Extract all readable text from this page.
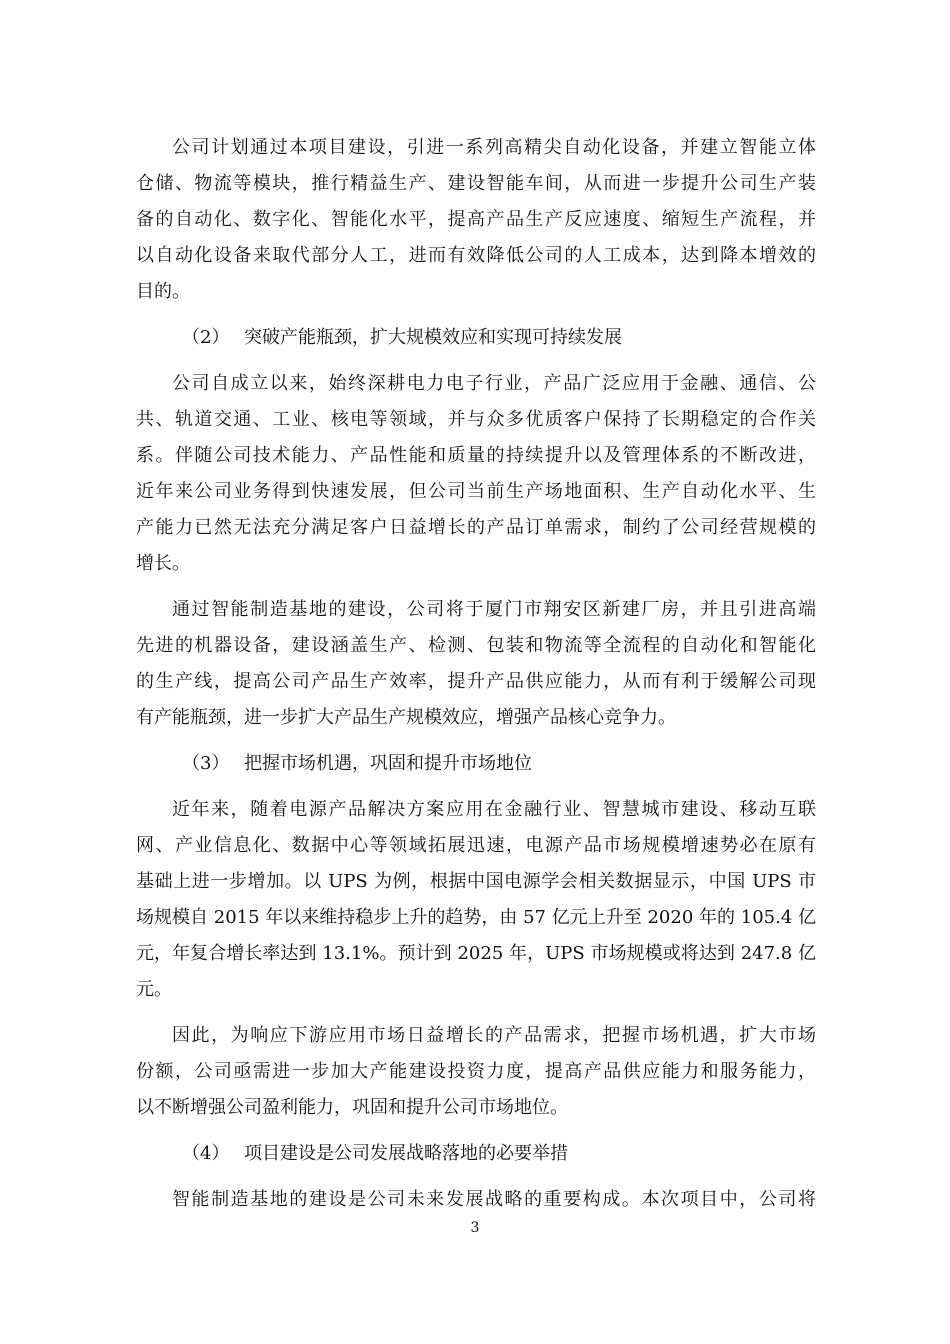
公司计划通过本项目建设，引进一系列高精尖自动化设备，并建立智能立体
仓储、物流等模块，推行精益生产、建设智能车间，从而进一步提升公司生产装
备的自动化、数字化、智能化水平，提高产品生产反应速度、缩短生产流程，并
以自动化设备来取代部分人工，进而有效降低公司的人工成本，达到降本增效的
目的。
（2） 突破产能瓶颈，扩大规模效应和实现可持续发展
公司自成立以来，始终深耕电力电子行业，产品广泛应用于金融、通信、公
共、轨道交通、工业、核电等领域，并与众多优质客户保持了长期稳定的合作关
系。伴随公司技术能力、产品性能和质量的持续提升以及管理体系的不断改进，
近年来公司业务得到快速发展，但公司当前生产场地面积、生产自动化水平、生
产能力已然无法充分满足客户日益增长的产品订单需求，制约了公司经营规模的
增长。
通过智能制造基地的建设，公司将于厦门市翔安区新建厂房，并且引进高端
先进的机器设备，建设涵盖生产、检测、包装和物流等全流程的自动化和智能化
的生产线，提高公司产品生产效率，提升产品供应能力，从而有利于缓解公司现
有产能瓶颈，进一步扩大产品生产规模效应，增强产品核心竞争力。
（3） 把握市场机遇，巩固和提升市场地位
近年来，随着电源产品解决方案应用在金融行业、智慧城市建设、移动互联
网、产业信息化、数据中心等领域拓展迅速，电源产品市场规模增速势必在原有
基础上进一步增加。以 UPS 为例，根据中国电源学会相关数据显示，中国 UPS 市
场规模自 2015 年以来维持稳步上升的趋势，由 57 亿元上升至 2020 年的 105.4 亿
元，年复合增长率达到 13.1%。预计到 2025 年，UPS 市场规模或将达到 247.8 亿
元。
因此，为响应下游应用市场日益增长的产品需求，把握市场机遇，扩大市场
份额，公司亟需进一步加大产能建设投资力度，提高产品供应能力和服务能力，
以不断增强公司盈利能力，巩固和提升公司市场地位。
（4） 项目建设是公司发展战略落地的必要举措
智能制造基地的建设是公司未来发展战略的重要构成。本次项目中，公司将
3
